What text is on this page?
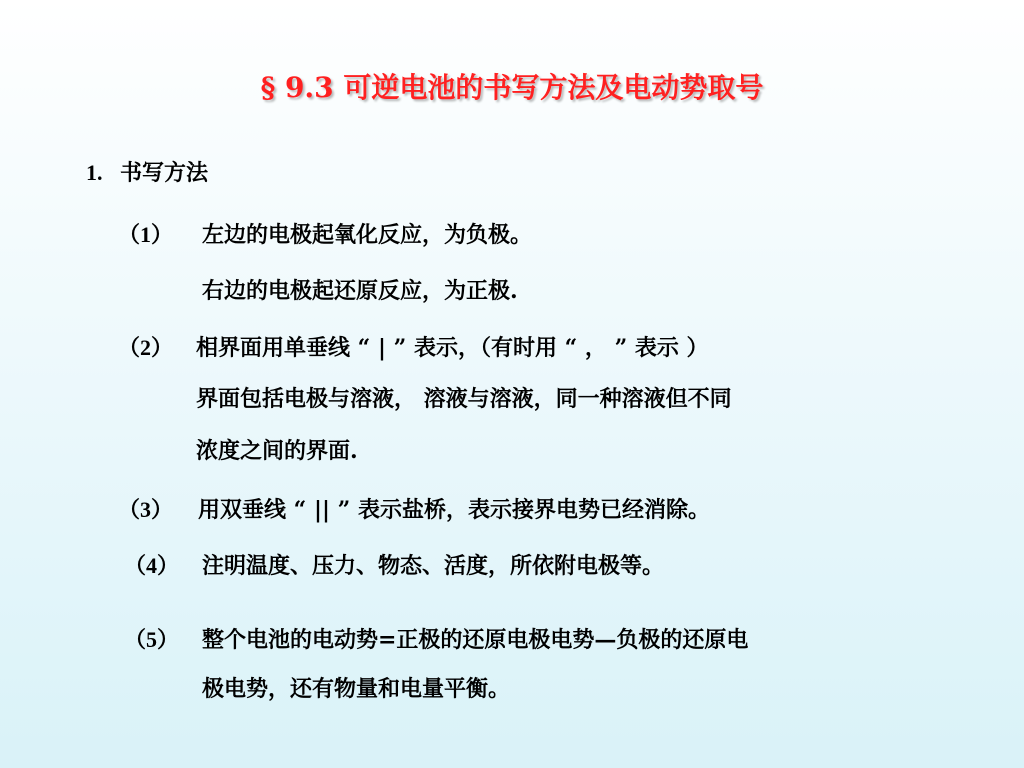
§ 9.3 可逆电池的书写方法及电动势取号
1. 书写方法
（1） 左边的电极起氧化反应，为负极。
右边的电极起还原反应，为正极.
（2） 相界面用单垂线 “ | ” 表示，（有时用 “ ， ” 表示 ）
界面包括电极与溶液， 溶液与溶液，同一种溶液但不同
浓度之间的界面.
（3） 用双垂线 “ || ” 表示盐桥，表示接界电势已经消除。
（4） 注明温度、压力、物态、活度，所依附电极等。
（5） 整个电池的电动势=正极的还原电极电势—负极的还原电
极电势，还有物量和电量平衡。
